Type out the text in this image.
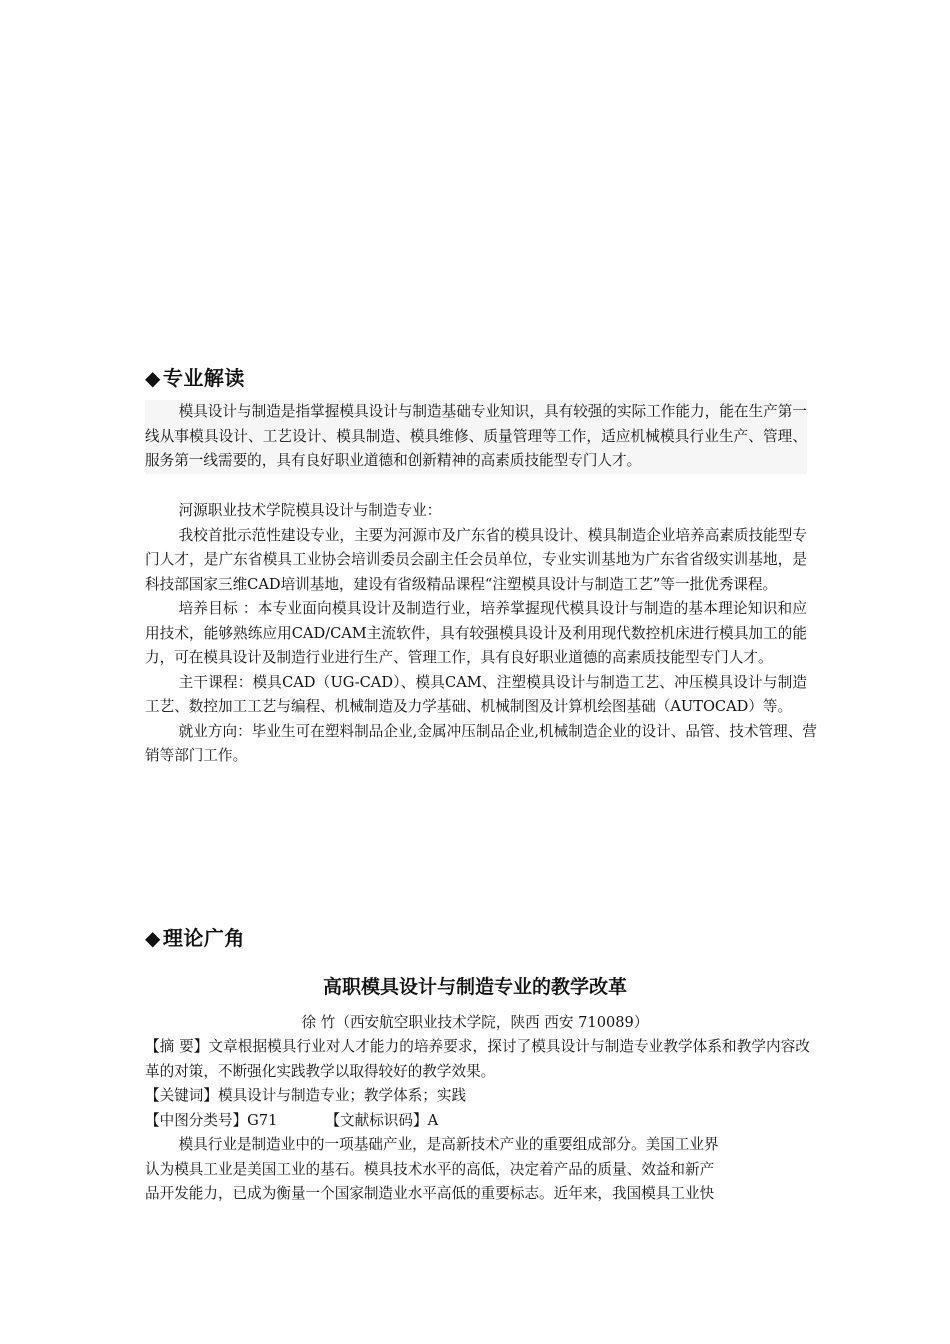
◆ 专业解读

模具设计与制造是指掌握模具设计与制造基础专业知识，具有较强的实际工作能力，能在生产第一线从事模具设计、工艺设计、模具制造、模具维修、质量管理等工作，适应机械模具行业生产、管理、服务第一线需要的，具有良好职业道德和创新精神的高素质技能型专门人才。

河源职业技术学院模具设计与制造专业：

我校首批示范性建设专业，主要为河源市及广东省的模具设计、模具制造企业培养高素质技能型专门人才，是广东省模具工业协会培训委员会副主任会员单位，专业实训基地为广东省省级实训基地，是科技部国家三维CAD培训基地，建设有省级精品课程“注塑模具设计与制造工艺”等一批优秀课程。

培养目标 ：本专业面向模具设计及制造行业，培养掌握现代模具设计与制造的基本理论知识和应用技术，能够熟练应用CAD/CAM主流软件，具有较强模具设计及利用现代数控机床进行模具加工的能力，可在模具设计及制造行业进行生产、管理工作，具有良好职业道德的高素质技能型专门人才。

主干课程：模具CAD（UG-CAD）、模具CAM、注塑模具设计与制造工艺、冲压模具设计与制造工艺、数控加工工艺与编程、机械制造及力学基础、机械制图及计算机绘图基础（AUTOCAD）等。

就业方向：毕业生可在塑料制品企业,金属冲压制品企业,机械制造企业的设计、品管、技术管理、营销等部门工作。

◆ 理论广角
高职模具设计与制造专业的教学改革
徐 竹（西安航空职业技术学院，陕西 西安 710089）

【摘 要】文章根据模具行业对人才能力的培养要求，探讨了模具设计与制造专业教学体系和教学内容改革的对策，不断强化实践教学以取得较好的教学效果。

【关键词】模具设计与制造专业；教学体系；实践

【中图分类号】G71	【文献标识码】A

模具行业是制造业中的一项基础产业，是高新技术产业的重要组成部分。美国工业界

认为模具工业是美国工业的基石。模具技术水平的高低，决定着产品的质量、效益和新产

品开发能力，已成为衡量一个国家制造业水平高低的重要标志。近年来，我国模具工业快
